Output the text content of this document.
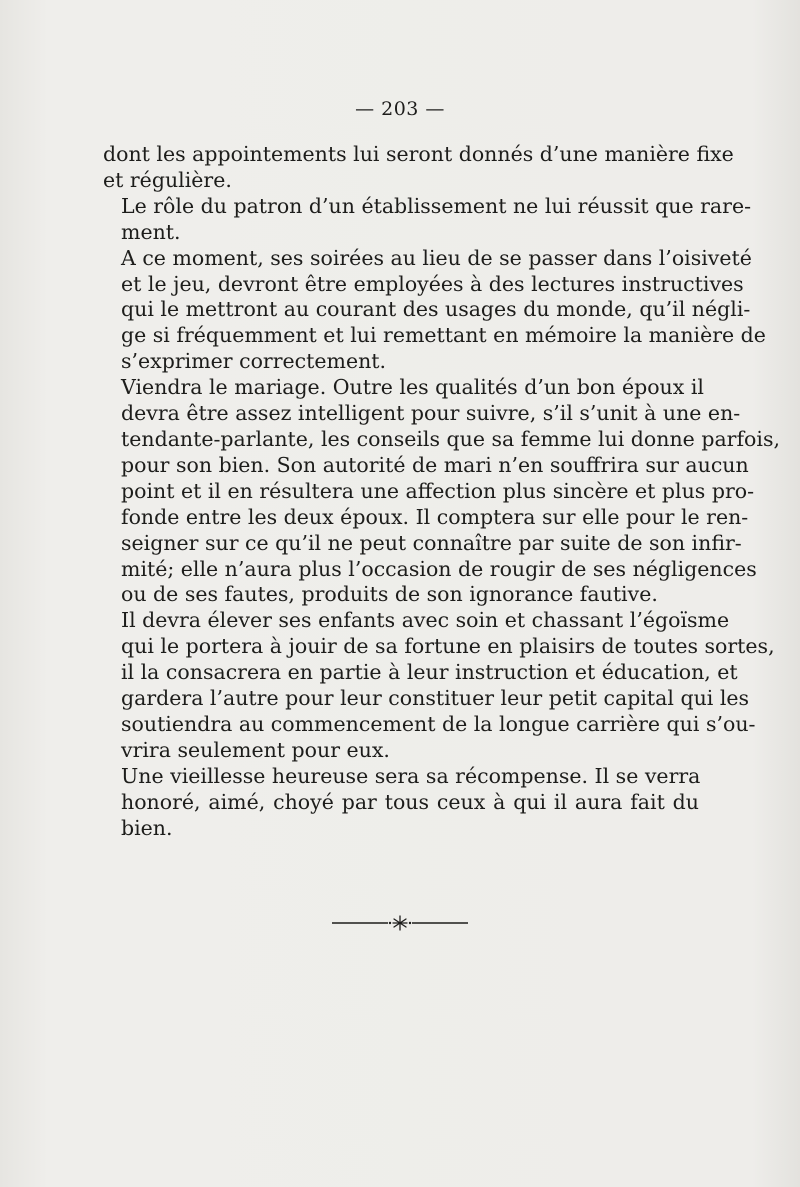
— 203 —

dont les appointements lui seront donnés d’une manière fixe
et régulière.

Le rôle du patron d’un établissement ne lui réussit que rare-
ment.

A ce moment, ses soirées au lieu de se passer dans l’oisiveté
et le jeu, devront être employées à des lectures instructives
qui le mettront au courant des usages du monde, qu’il négli-
ge si fréquemment et lui remettant en mémoire la manière de
s’exprimer correctement.

Viendra le mariage. Outre les qualités d’un bon époux il
devra être assez intelligent pour suivre, s’il s’unit à une en-
tendante-parlante, les conseils que sa femme lui donne parfois,
pour son bien. Son autorité de mari n’en souffrira sur aucun
point et il en résultera une affection plus sincère et plus pro-
fonde entre les deux époux. Il comptera sur elle pour le ren-
seigner sur ce qu’il ne peut connaître par suite de son infir-
mité; elle n’aura plus l’occasion de rougir de ses négligences
ou de ses fautes, produits de son ignorance fautive.

Il devra élever ses enfants avec soin et chassant l’égoïsme
qui le portera à jouir de sa fortune en plaisirs de toutes sortes,
il la consacrera en partie à leur instruction et éducation, et
gardera l’autre pour leur constituer leur petit capital qui les
soutiendra au commencement de la longue carrière qui s’ou-
vrira seulement pour eux.

Une vieillesse heureuse sera sa récompense. Il se verra
honoré, aimé, choyé par tous ceux à qui il aura fait du
bien.
